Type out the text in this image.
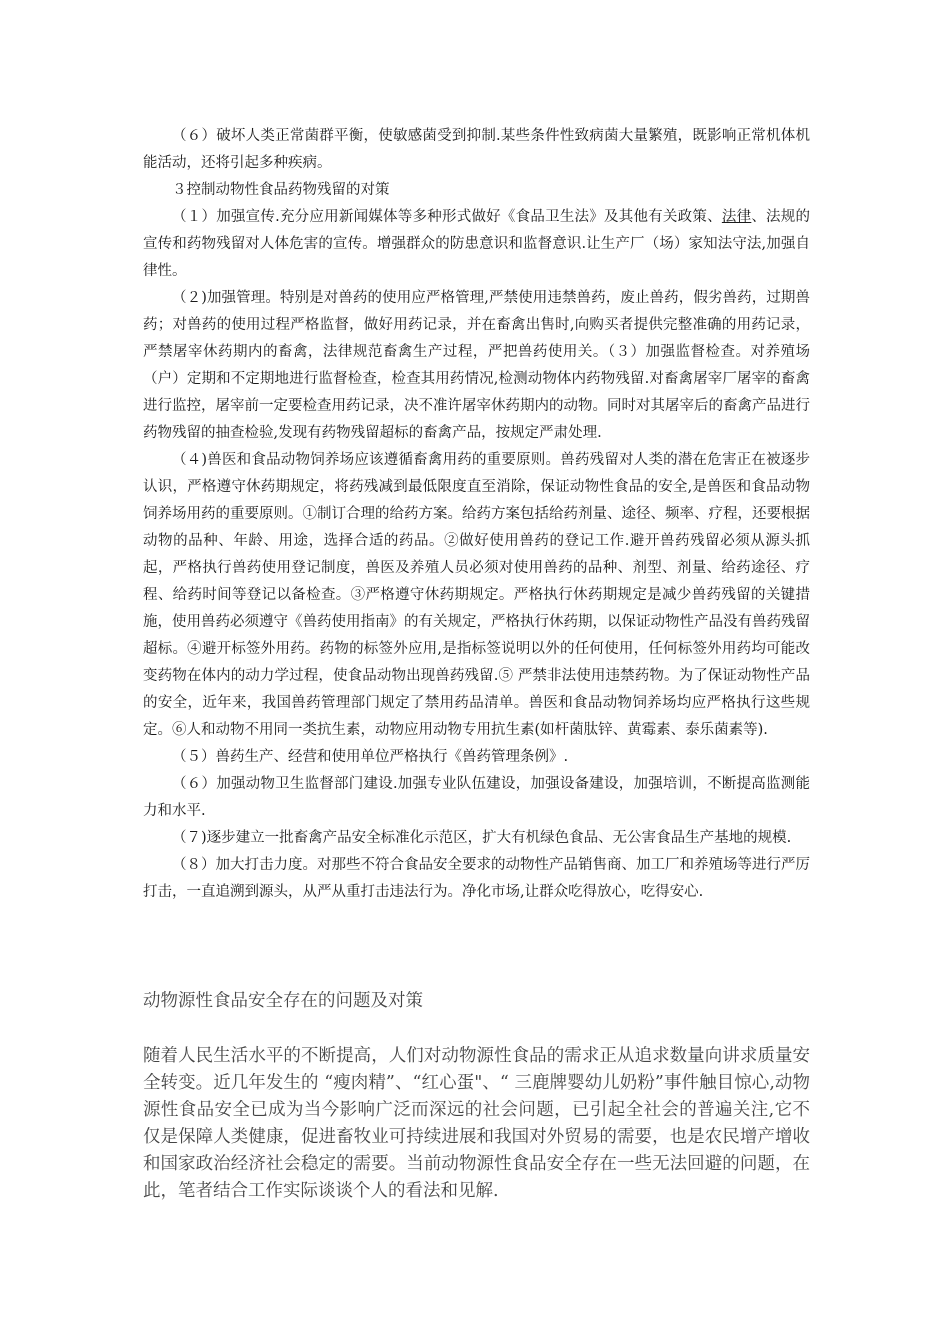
（６）破坏人类正常菌群平衡，使敏感菌受到抑制.某些条件性致病菌大量繁殖，既影响正常机体机能活动，还将引起多种疾病。

３控制动物性食品药物残留的对策

（１）加强宣传.充分应用新闻媒体等多种形式做好《食品卫生法》及其他有关政策、法律、法规的宣传和药物残留对人体危害的宣传。增强群众的防患意识和监督意识.让生产厂（场）家知法守法,加强自律性。

（２)加强管理。特别是对兽药的使用应严格管理,严禁使用违禁兽药，废止兽药，假劣兽药，过期兽药；对兽药的使用过程严格监督，做好用药记录，并在畜禽出售时,向购买者提供完整准确的用药记录，严禁屠宰休药期内的畜禽，法律规范畜禽生产过程，严把兽药使用关。（３）加强监督检查。对养殖场（户）定期和不定期地进行监督检查，检查其用药情况,检测动物体内药物残留.对畜禽屠宰厂屠宰的畜禽进行监控，屠宰前一定要检查用药记录，决不准许屠宰休药期内的动物。同时对其屠宰后的畜禽产品进行药物残留的抽查检验,发现有药物残留超标的畜禽产品，按规定严肃处理.

（４)兽医和食品动物饲养场应该遵循畜禽用药的重要原则。兽药残留对人类的潜在危害正在被逐步认识，严格遵守休药期规定，将药残减到最低限度直至消除，保证动物性食品的安全,是兽医和食品动物饲养场用药的重要原则。①制订合理的给药方案。给药方案包括给药剂量、途径、频率、疗程，还要根据动物的品种、年龄、用途，选择合适的药品。②做好使用兽药的登记工作.避开兽药残留必须从源头抓起，严格执行兽药使用登记制度，兽医及养殖人员必须对使用兽药的品种、剂型、剂量、给药途径、疗程、给药时间等登记以备检查。③严格遵守休药期规定。严格执行休药期规定是减少兽药残留的关键措施，使用兽药必须遵守《兽药使用指南》的有关规定，严格执行休药期，以保证动物性产品没有兽药残留超标。④避开标签外用药。药物的标签外应用,是指标签说明以外的任何使用，任何标签外用药均可能改变药物在体内的动力学过程，使食品动物出现兽药残留.⑤ 严禁非法使用违禁药物。为了保证动物性产品的安全，近年来，我国兽药管理部门规定了禁用药品清单。兽医和食品动物饲养场均应严格执行这些规定。⑥人和动物不用同一类抗生素，动物应用动物专用抗生素(如杆菌肽锌、黄霉素、泰乐菌素等).

（５）兽药生产、经营和使用单位严格执行《兽药管理条例》.

（６）加强动物卫生监督部门建设.加强专业队伍建设，加强设备建设，加强培训，不断提高监测能力和水平.

（７)逐步建立一批畜禽产品安全标准化示范区，扩大有机绿色食品、无公害食品生产基地的规模.

（８）加大打击力度。对那些不符合食品安全要求的动物性产品销售商、加工厂和养殖场等进行严厉打击，一直追溯到源头，从严从重打击违法行为。净化市场,让群众吃得放心，吃得安心.

动物源性食品安全存在的问题及对策

随着人民生活水平的不断提高，人们对动物源性食品的需求正从追求数量向讲求质量安全转变。近几年发生的 “瘦肉精”、“红心蛋"、“ 三鹿牌婴幼儿奶粉”事件触目惊心,动物源性食品安全已成为当今影响广泛而深远的社会问题，已引起全社会的普遍关注,它不仅是保障人类健康，促进畜牧业可持续进展和我国对外贸易的需要，也是农民增产增收和国家政治经济社会稳定的需要。当前动物源性食品安全存在一些无法回避的问题，在此，笔者结合工作实际谈谈个人的看法和见解.
